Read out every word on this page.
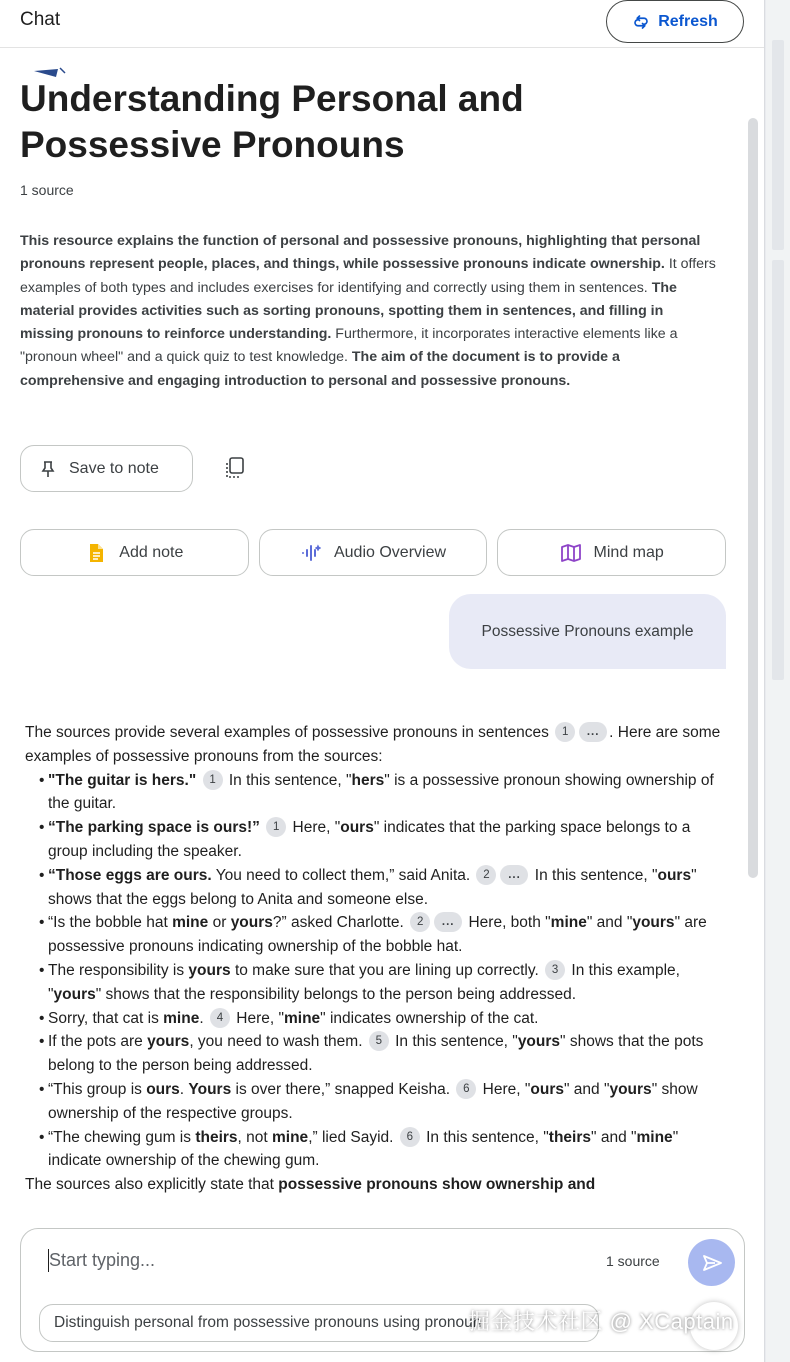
Chat	Refresh
Understanding Personal and Possessive Pronouns
1 source
This resource explains the function of personal and possessive pronouns, highlighting that personal pronouns represent people, places, and things, while possessive pronouns indicate ownership. It offers examples of both types and includes exercises for identifying and correctly using them in sentences. The material provides activities such as sorting pronouns, spotting them in sentences, and filling in missing pronouns to reinforce understanding. Furthermore, it incorporates interactive elements like a "pronoun wheel" and a quick quiz to test knowledge. The aim of the document is to provide a comprehensive and engaging introduction to personal and possessive pronouns.
Save to note
Add note	Audio Overview	Mind map
Possessive Pronouns example

The sources provide several examples of possessive pronouns in sentences 1 ... . Here are some examples of possessive pronouns from the sources:

• "The guitar is hers." 1 In this sentence, "hers" is a possessive pronoun showing ownership of the guitar.
• “The parking space is ours!” 1 Here, "ours" indicates that the parking space belongs to a group including the speaker.
• “Those eggs are ours. You need to collect them,” said Anita. 2 ... In this sentence, "ours" shows that the eggs belong to Anita and someone else.
• “Is the bobble hat mine or yours?” asked Charlotte. 2 ... Here, both "mine" and "yours" are possessive pronouns indicating ownership of the bobble hat.
• The responsibility is yours to make sure that you are lining up correctly. 3 In this example, "yours" shows that the responsibility belongs to the person being addressed.
• Sorry, that cat is mine. 4 Here, "mine" indicates ownership of the cat.
• If the pots are yours, you need to wash them. 5 In this sentence, "yours" shows that the pots belong to the person being addressed.
• “This group is ours. Yours is over there,” snapped Keisha. 6 Here, "ours" and "yours" show ownership of the respective groups.
• “The chewing gum is theirs, not mine,” lied Sayid. 6 In this sentence, "theirs" and "mine" indicate ownership of the chewing gum.

The sources also explicitly state that possessive pronouns show ownership and

Start typing...	1 source
Distinguish personal from possessive pronouns using pronoun
掘金技术社区 @ XCaptain
